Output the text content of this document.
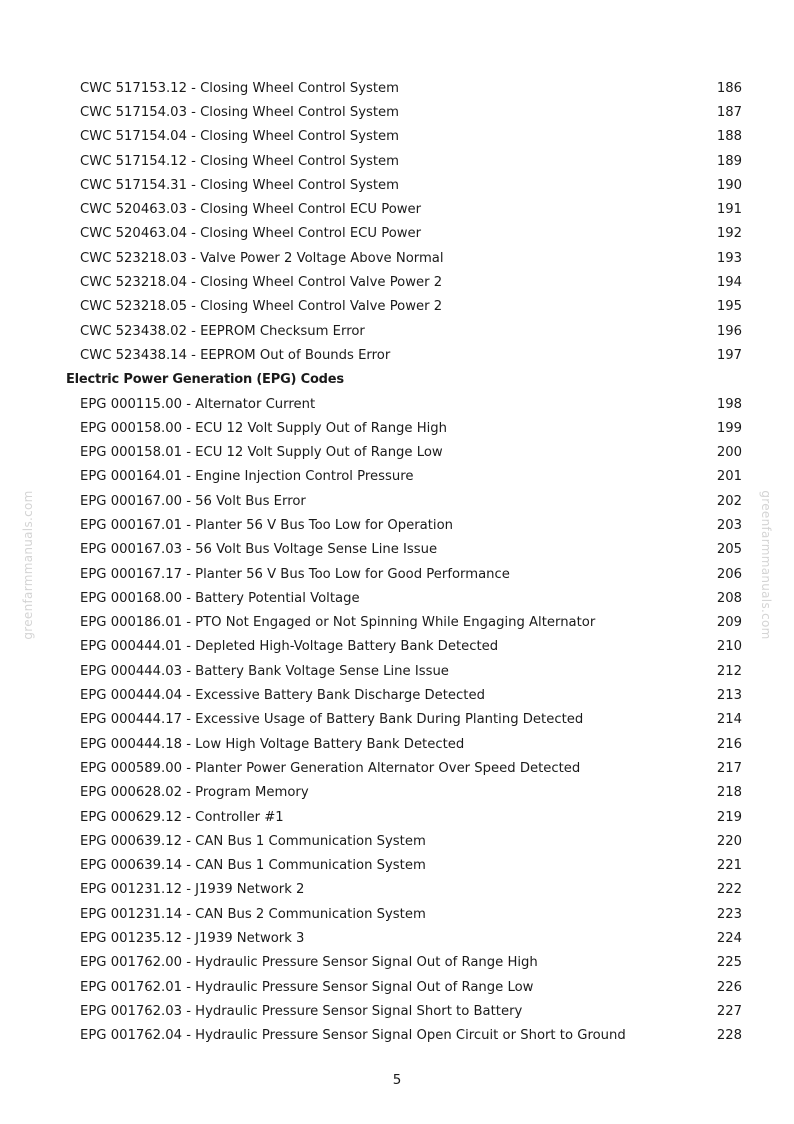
CWC 517153.12 - Closing Wheel Control System	186
CWC 517154.03 - Closing Wheel Control System	187
CWC 517154.04 - Closing Wheel Control System	188
CWC 517154.12 - Closing Wheel Control System	189
CWC 517154.31 - Closing Wheel Control System	190
CWC 520463.03 - Closing Wheel Control ECU Power	191
CWC 520463.04 - Closing Wheel Control ECU Power	192
CWC 523218.03 - Valve Power 2 Voltage Above Normal	193
CWC 523218.04 - Closing Wheel Control Valve Power 2	194
CWC 523218.05 - Closing Wheel Control Valve Power 2	195
CWC 523438.02 - EEPROM Checksum Error	196
CWC 523438.14 - EEPROM Out of Bounds Error	197
Electric Power Generation (EPG) Codes
EPG 000115.00 - Alternator Current	198
EPG 000158.00 - ECU 12 Volt Supply Out of Range High	199
EPG 000158.01 - ECU 12 Volt Supply Out of Range Low	200
EPG 000164.01 - Engine Injection Control Pressure	201
EPG 000167.00 - 56 Volt Bus Error	202
EPG 000167.01 - Planter 56 V Bus Too Low for Operation	203
EPG 000167.03 - 56 Volt Bus Voltage Sense Line Issue	205
EPG 000167.17 - Planter 56 V Bus Too Low for Good Performance	206
EPG 000168.00 - Battery Potential Voltage	208
EPG 000186.01 - PTO Not Engaged or Not Spinning While Engaging Alternator	209
EPG 000444.01 - Depleted High-Voltage Battery Bank Detected	210
EPG 000444.03 - Battery Bank Voltage Sense Line Issue	212
EPG 000444.04 - Excessive Battery Bank Discharge Detected	213
EPG 000444.17 - Excessive Usage of Battery Bank During Planting Detected	214
EPG 000444.18 - Low High Voltage Battery Bank Detected	216
EPG 000589.00 - Planter Power Generation Alternator Over Speed Detected	217
EPG 000628.02 - Program Memory	218
EPG 000629.12 - Controller #1	219
EPG 000639.12 - CAN Bus 1 Communication System	220
EPG 000639.14 - CAN Bus 1 Communication System	221
EPG 001231.12 - J1939 Network 2	222
EPG 001231.14 - CAN Bus 2 Communication System	223
EPG 001235.12 - J1939 Network 3	224
EPG 001762.00 - Hydraulic Pressure Sensor Signal Out of Range High	225
EPG 001762.01 - Hydraulic Pressure Sensor Signal Out of Range Low	226
EPG 001762.03 - Hydraulic Pressure Sensor Signal Short to Battery	227
EPG 001762.04 - Hydraulic Pressure Sensor Signal Open Circuit or Short to Ground	228
5
greenfarmmanuals.com	greenfarmmanuals.com
